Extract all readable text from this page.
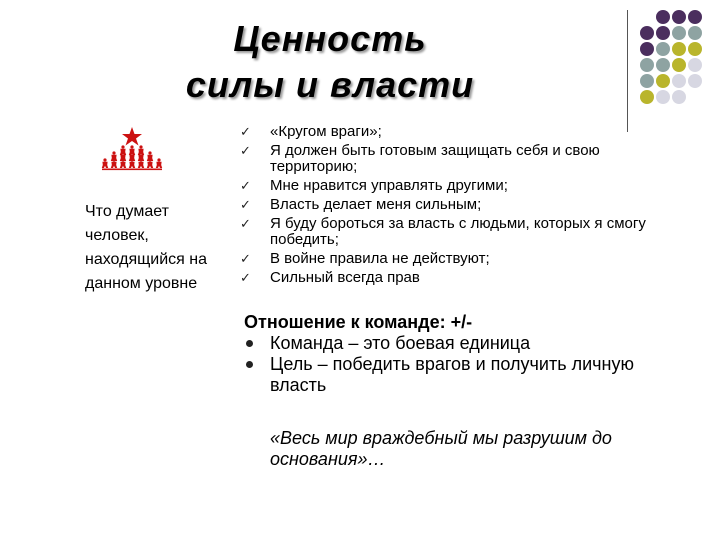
Ценность
силы и власти
Что думает человек, находящийся на данном уровне
✓ «Кругом враги»;
✓ Я должен быть готовым защищать себя и свою территорию;
✓ Мне нравится управлять другими;
✓ Власть делает меня сильным;
✓ Я буду бороться за власть с людьми, которых я смогу победить;
✓ В войне правила не действуют;
✓ Сильный всегда прав
Отношение к команде: +/-
Команда – это боевая единица
Цель – победить врагов и получить личную власть
«Весь мир враждебный мы разрушим до основания»…
